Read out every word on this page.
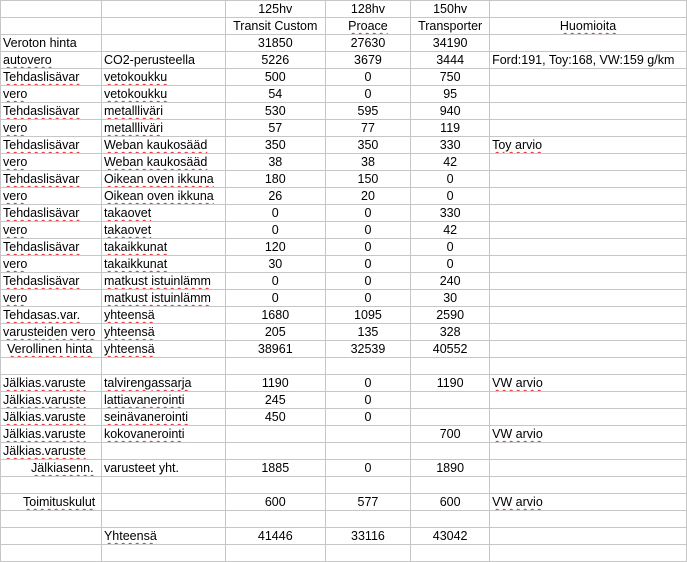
		125hv	128hv	150hv	
		Transit Custom	Proace	Transporter	Huomioita
Veroton hinta		31850	27630	34190	
autovero	CO2-perusteella	5226	3679	3444	Ford:191, Toy:168, VW:159 g/km
Tehdaslisävar	vetokoukku	500	0	750	
vero	vetokoukku	54	0	95	
Tehdaslisävar	metallliväri	530	595	940	
vero	metallliväri	57	77	119	
Tehdaslisävar	Weban kaukosääd	350	350	330	Toy arvio
vero	Weban kaukosääd	38	38	42	
Tehdaslisävar	Oikean oven ikkuna	180	150	0	
vero	Oikean oven ikkuna	26	20	0	
Tehdaslisävar	takaovet	0	0	330	
vero	takaovet	0	0	42	
Tehdaslisävar	takaikkunat	120	0	0	
vero	takaikkunat	30	0	0	
Tehdaslisävar	matkust istuinlämm	0	0	240	
vero	matkust istuinlämm	0	0	30	
Tehdasas.var.	yhteensä	1680	1095	2590	
varusteiden vero	yhteensä	205	135	328	
Verollinen hinta	yhteensä	38961	32539	40552	

Jälkias.varuste	talvirengassarja	1190	0	1190	VW arvio
Jälkias.varuste	lattiavanerointi	245	0		
Jälkias.varuste	seinävanerointi	450	0		
Jälkias.varuste	kokovanerointi			700	VW arvio
Jälkias.varuste					
Jälkiasenn.	varusteet yht.	1885	0	1890	

Toimituskulut		600	577	600	VW arvio

	Yhteensä	41446	33116	43042	
